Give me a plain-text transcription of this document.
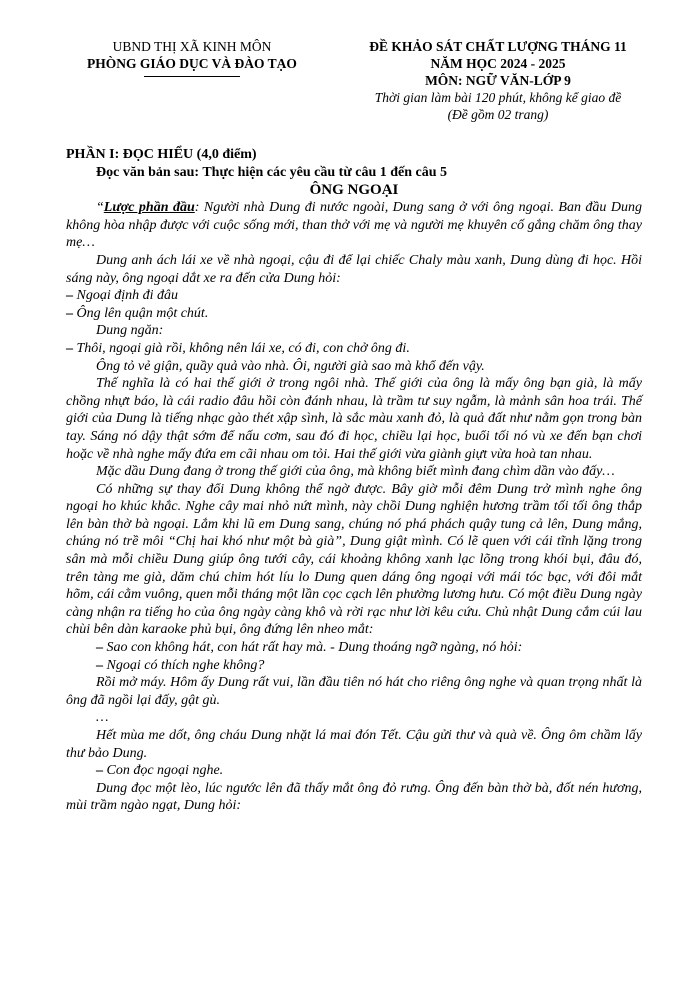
UBND THỊ XÃ KINH MÔN
PHÒNG GIÁO DỤC VÀ ĐÀO TẠO
ĐỀ KHẢO SÁT CHẤT LƯỢNG THÁNG 11
NĂM HỌC 2024 - 2025
MÔN: NGỮ VĂN-LỚP 9
Thời gian làm bài 120 phút, không kể giao đề
(Đề gồm 02 trang)

PHẦN I: ĐỌC HIỂU (4,0 điểm)

Đọc văn bản sau: Thực hiện các yêu cầu từ câu 1 đến câu 5

ÔNG NGOẠI

“Lược phần đầu: Người nhà Dung đi nước ngoài, Dung sang ở với ông ngoại. Ban đầu Dung không hòa nhập được với cuộc sống mới, than thở với mẹ và người mẹ khuyên cố gắng chăm ông thay mẹ…

Dung anh ách lái xe về nhà ngoại, cậu đi để lại chiếc Chaly màu xanh, Dung dùng đi học. Hồi sáng này, ông ngoại dắt xe ra đến cửa Dung hỏi:

– Ngoại định đi đâu

– Ông lên quận một chút.

Dung ngăn:

– Thôi, ngoại già rồi, không nên lái xe, có đi, con chở ông đi.

Ông tỏ vẻ giận, quầy quả vào nhà. Ôi, người già sao mà khổ đến vậy.

Thế nghĩa là có hai thế giới ở trong ngôi nhà. Thế giới của ông là mấy ông bạn già, là mấy chồng nhựt báo, là cái radio đâu hồi còn đánh nhau, là trầm tư suy ngẫm, là mảnh sân hoa trái. Thế giới của Dung là tiếng nhạc gào thét xập sình, là sắc màu xanh đỏ, là quả đất như nằm gọn trong bàn tay. Sáng nó dậy thật sớm để nấu cơm, sau đó đi học, chiều lại học, buổi tối nó vù xe đến bạn chơi hoặc về nhà nghe mấy đứa em cãi nhau om tỏi. Hai thế giới vừa giành giựt vừa hoà tan nhau.

Mặc dầu Dung đang ở trong thế giới của ông, mà không biết mình đang chìm dần vào đấy…

Có những sự thay đổi Dung không thể ngờ được. Bây giờ mỗi đêm Dung trở mình nghe ông ngoại ho khúc khắc. Nghe cây mai nhỏ nứt mình, này chồi Dung nghiện hương trầm tối tối ông thắp lên bàn thờ bà ngoại. Lắm khi lũ em Dung sang, chúng nó phá phách quậy tung cả lên, Dung mắng, chúng nó trề môi “Chị hai khó như một bà già”, Dung giật mình. Có lẽ quen với cái tĩnh lặng trong sân mà mỗi chiều Dung giúp ông tưới cây, cái khoảng không xanh lạc lõng trong khói bụi, đâu đó, trên tàng me già, dăm chú chim hót líu lo Dung quen dáng ông ngoại với mái tóc bạc, với đôi mắt hõm, cái cằm vuông, quen mỗi tháng một lần cọc cạch lên phường lương hưu. Có một điều Dung ngày càng nhận ra tiếng ho của ông ngày càng khô và rời rạc như lời kêu cứu. Chủ nhật Dung cắm cúi lau chùi bên dàn karaoke phủ bụi, ông đứng lên nheo mắt:

– Sao con không hát, con hát rất hay mà. - Dung thoáng ngỡ ngàng, nó hỏi:

– Ngoại có thích nghe không?

Rồi mở máy. Hôm ấy Dung rất vui, lần đầu tiên nó hát cho riêng ông nghe và quan trọng nhất là ông đã ngồi lại đấy, gật gù.

…

Hết mùa me dốt, ông cháu Dung nhặt lá mai đón Tết. Cậu gửi thư và quà về. Ông ôm chầm lấy thư bảo Dung.

– Con đọc ngoại nghe.

Dung đọc một lèo, lúc ngước lên đã thấy mắt ông đỏ rưng. Ông đến bàn thờ bà, đốt nén hương, mùi trầm ngào ngạt, Dung hỏi:
